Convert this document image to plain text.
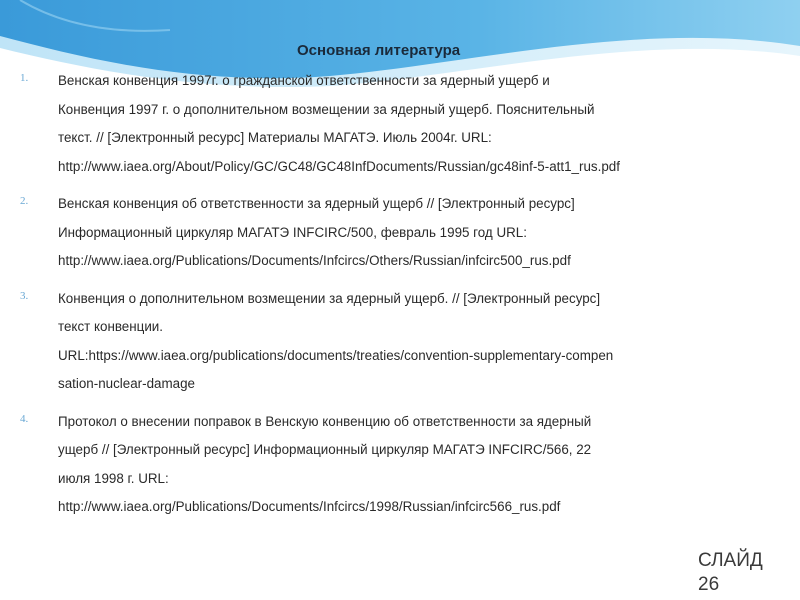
Основная литература
1. Венская конвенция 1997г. о гражданской ответственности за ядерный ущерб и
Конвенция 1997 г. о дополнительном возмещении за ядерный ущерб. Пояснительный
текст. // [Электронный ресурс] Материалы МАГАТЭ. Июль 2004г. URL:
http://www.iaea.org/About/Policy/GC/GC48/GC48InfDocuments/Russian/gc48inf-5-att1_rus.pdf
2. Венская конвенция об ответственности за ядерный ущерб // [Электронный ресурс]
Информационный циркуляр МАГАТЭ INFCIRC/500, февраль 1995 год URL:
http://www.iaea.org/Publications/Documents/Infcircs/Others/Russian/infcirc500_rus.pdf
3. Конвенция о дополнительном возмещении за ядерный ущерб. // [Электронный ресурс]
текст конвенции.
URL:https://www.iaea.org/publications/documents/treaties/convention-supplementary-compen
sation-nuclear-damage
4. Протокол о внесении поправок в Венскую конвенцию об ответственности за ядерный
ущерб // [Электронный ресурс] Информационный циркуляр МАГАТЭ INFCIRC/566, 22
июля 1998 г. URL:
http://www.iaea.org/Publications/Documents/Infcircs/1998/Russian/infcirc566_rus.pdf
СЛАЙД
26
